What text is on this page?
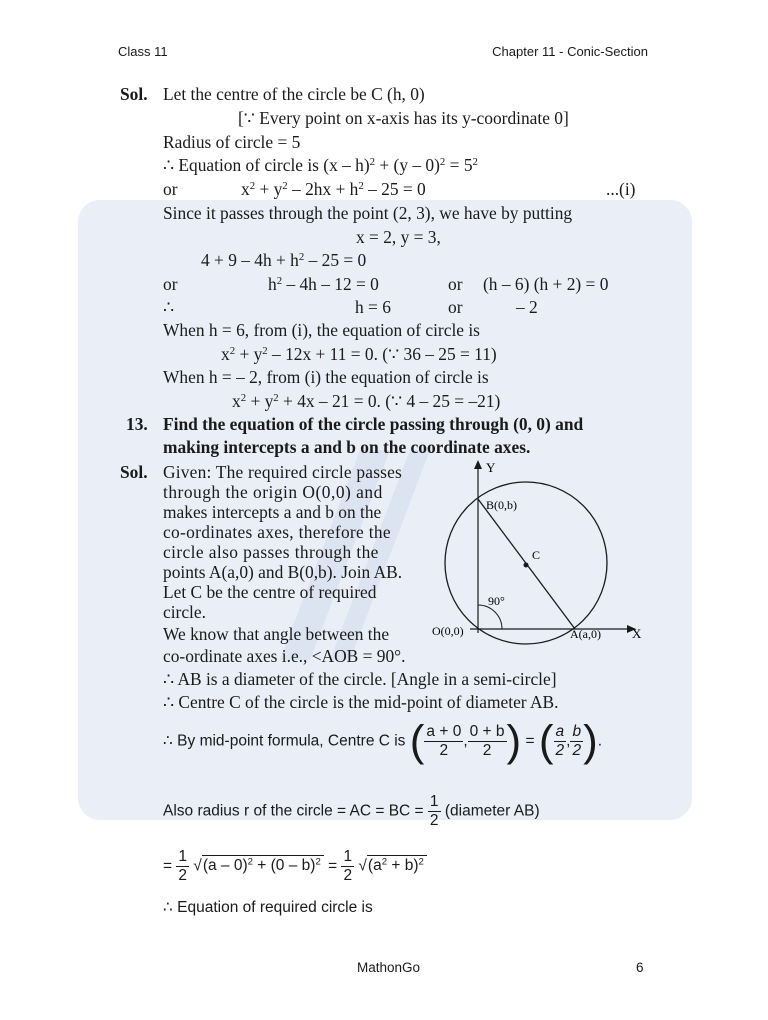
Class 11	Chapter 11 - Conic-Section
Sol. Let the centre of the circle be C (h, 0)
[∵ Every point on x-axis has its y-coordinate 0]
Radius of circle = 5
∴ Equation of circle is $(x - h)^2 + (y - 0)^2 = 5^2$
or	$x^2 + y^2 - 2hx + h^2 - 25 = 0$	...(i)
Since it passes through the point (2, 3), we have by putting
x = 2, y = 3,
$4 + 9 - 4h + h^2 - 25 = 0$
or	$h^2 - 4h - 12 = 0$	or (h – 6) (h + 2) = 0
∴	h = 6	or	– 2
When h = 6, from (i), the equation of circle is
$x^2 + y^2 - 12x + 11 = 0$. (∵ 36 – 25 = 11)
When h = – 2, from (i) the equation of circle is
$x^2 + y^2 + 4x - 21 = 0$. (∵ 4 – 25 = –21)
13. Find the equation of the circle passing through (0, 0) and
making intercepts a and b on the coordinate axes.
Sol. Given: The required circle passes
through the origin O(0,0) and
makes intercepts a and b on the
co-ordinates axes, therefore the
circle also passes through the
points A(a,0) and B(0,b). Join AB.
Let C be the centre of required
circle.
We know that angle between the
co-ordinate axes i.e., <AOB = 90°.
Y
X
B(0,b)
C
90°
O(0,0)	A(a,0)
∴ AB is a diameter of the circle. [Angle in a semi-circle]
∴ Centre C of the circle is the mid-point of diameter AB.
∴ By mid-point formula, Centre C is ( $\frac{a + 0}{2}$ , $\frac{0 + b}{2}$ ) = ( $\frac{a}{2}$ , $\frac{b}{2}$ ).
Also radius r of the circle = AC = BC = $\frac{1}{2}$ (diameter AB)
= $\frac{1}{2} √(a - 0)^2 + (0 - b)^2 = \frac{1}{2} √(a^2 + b)^2$
∴ Equation of required circle is
MathonGo	6
